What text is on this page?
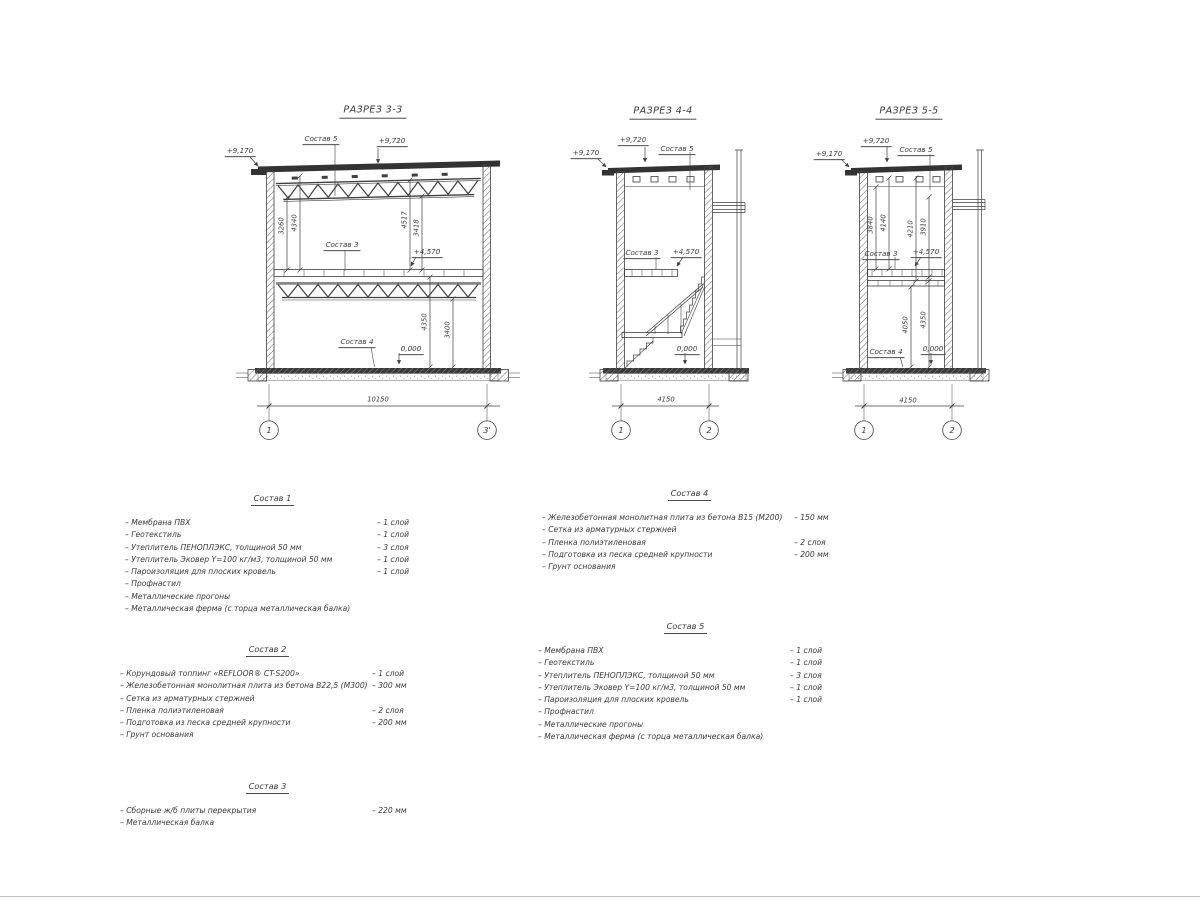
РАЗРЕЗ 3-3
Состав 5	+9,720
+9,170
Состав 3
+4,570
Состав 4
0,000
3260 4340	4517 3418
4350 3400
10150
1	3'
РАЗРЕЗ 4-4
+9,720
Состав 5
+9,170
Состав 3 +4,570
0,000
4150
1	2
РАЗРЕЗ 5-5
+9,720
Состав 5
+9,170
3840 4140	4210 3910
Состав 3 +4,570
4050 4350
Состав 4	0,000
4150
1	2
Состав 1
– Мембрана ПВХ	– 1 слой
– Геотекстиль	– 1 слой
– Утеплитель ПЕНОПЛЭКС, толщиной 50 мм	– 3 слоя
– Утеплитель Эковер Y=100 кг/м3, толщиной 50 мм	– 1 слой
– Пароизоляция для плоских кровель	– 1 слой
– Профнастил
– Металлические прогоны
– Металлическая ферма (с торца металлическая балка)
Состав 2
– Корундовый топпинг «REFLOOR® CT-S200»	– 1 слой
– Железобетонная монолитная плита из бетона В22,5 (М300) – 300 мм
– Сетка из арматурных стержней
– Пленка полиэтиленовая	– 2 слоя
– Подготовка из песка средней крупности	– 200 мм
– Грунт основания
Состав 3
– Сборные ж/б плиты перекрытия	– 220 мм
– Металлическая балка
Состав 4
– Железобетонная монолитная плита из бетона В15 (М200)	– 150 мм
– Сетка из арматурных стержней
– Пленка полиэтиленовая	– 2 слоя
– Подготовка из песка средней крупности	– 200 мм
– Грунт основания
Состав 5
– Мембрана ПВХ	– 1 слой
– Геотекстиль	– 1 слой
– Утеплитель ПЕНОПЛЭКС, толщиной 50 мм	– 3 слоя
– Утеплитель Эковер Y=100 кг/м3, толщиной 50 мм	– 1 слой
– Пароизоляция для плоских кровель	– 1 слой
– Профнастил
– Металлические прогоны
– Металлическая ферма (с торца металлическая балка)
